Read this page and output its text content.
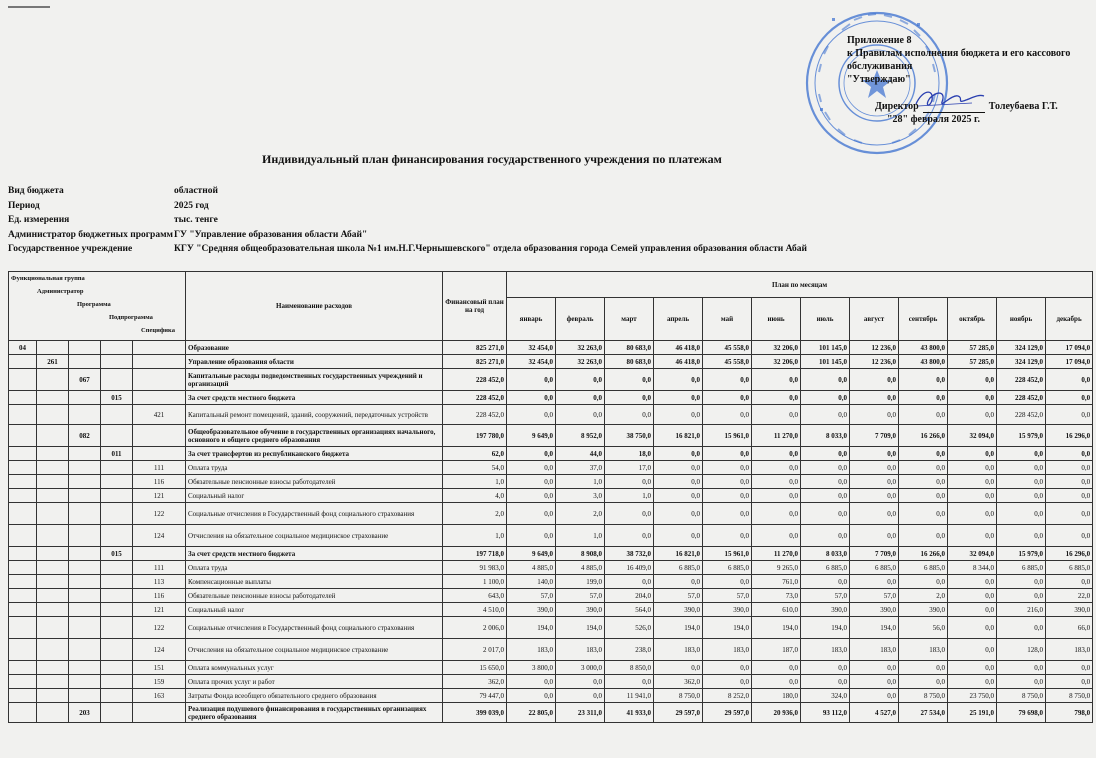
Приложение 8
к Правилам исполнения бюджета и его кассового
обслуживания
"Утверждаю"
Директор	Толеубаева Г.Т.
"28" февраля 2025 г.
Индивидуальный план финансирования государственного учреждения по платежам
Вид бюджета	областной
Период	2025 год
Ед. измерения	тыс. тенге
Администратор бюджетных программ ГУ "Управление образования области Абай"
Государственное учреждение	КГУ "Средняя общеобразовательная школа №1 им.Н.Г.Чернышевского" отдела образования города Семей управления образования области Абай
Функциональная группа
Администратор
Программа
Подпрограмма
Специфика					Наименование расходов	Финансовый план на год	План по месяцам											
							январь	февраль	март	апрель	май	июнь	июль	август	сентябрь	октябрь	ноябрь	декабрь
04					Образование	825 271,0	32 454,0	32 263,0	80 683,0	46 418,0	45 558,0	32 206,0	101 145,0	12 236,0	43 800,0	57 285,0	324 129,0	17 094,0
	261				Управление образования области	825 271,0	32 454,0	32 263,0	80 683,0	46 418,0	45 558,0	32 206,0	101 145,0	12 236,0	43 800,0	57 285,0	324 129,0	17 094,0
		067			Капитальные расходы подведомственных государственных учреждений и организаций	228 452,0	0,0	0,0	0,0	0,0	0,0	0,0	0,0	0,0	0,0	0,0	228 452,0	0,0
			015		За счет средств местного бюджета	228 452,0	0,0	0,0	0,0	0,0	0,0	0,0	0,0	0,0	0,0	0,0	228 452,0	0,0
				421	Капитальный ремонт помещений, зданий, сооружений, передаточных устройств	228 452,0	0,0	0,0	0,0	0,0	0,0	0,0	0,0	0,0	0,0	0,0	228 452,0	0,0
		082			Общеобразовательное обучение в государственных организациях начального, основного и общего среднего образования	197 780,0	9 649,0	8 952,0	38 750,0	16 821,0	15 961,0	11 270,0	8 033,0	7 709,0	16 266,0	32 094,0	15 979,0	16 296,0
			011		За счет трансфертов из республиканского бюджета	62,0	0,0	44,0	18,0	0,0	0,0	0,0	0,0	0,0	0,0	0,0	0,0	0,0
				111	Оплата труда	54,0	0,0	37,0	17,0	0,0	0,0	0,0	0,0	0,0	0,0	0,0	0,0	0,0
				116	Обязательные пенсионные взносы работодателей	1,0	0,0	1,0	0,0	0,0	0,0	0,0	0,0	0,0	0,0	0,0	0,0	0,0
				121	Социальный налог	4,0	0,0	3,0	1,0	0,0	0,0	0,0	0,0	0,0	0,0	0,0	0,0	0,0
				122	Социальные отчисления в Государственный фонд социального страхования	2,0	0,0	2,0	0,0	0,0	0,0	0,0	0,0	0,0	0,0	0,0	0,0	0,0
				124	Отчисления на обязательное социальное медицинское страхование	1,0	0,0	1,0	0,0	0,0	0,0	0,0	0,0	0,0	0,0	0,0	0,0	0,0
			015		За счет средств местного бюджета	197 718,0	9 649,0	8 908,0	38 732,0	16 821,0	15 961,0	11 270,0	8 033,0	7 709,0	16 266,0	32 094,0	15 979,0	16 296,0
				111	Оплата труда	91 983,0	4 885,0	4 885,0	16 409,0	6 885,0	6 885,0	9 265,0	6 885,0	6 885,0	6 885,0	8 344,0	6 885,0	6 885,0
				113	Компенсационные выплаты	1 100,0	140,0	199,0	0,0	0,0	0,0	761,0	0,0	0,0	0,0	0,0	0,0	0,0
				116	Обязательные пенсионные взносы работодателей	643,0	57,0	57,0	204,0	57,0	57,0	73,0	57,0	57,0	2,0	0,0	0,0	22,0
				121	Социальный налог	4 510,0	390,0	390,0	564,0	390,0	390,0	610,0	390,0	390,0	390,0	0,0	216,0	390,0
				122	Социальные отчисления в Государственный фонд социального страхования	2 006,0	194,0	194,0	526,0	194,0	194,0	194,0	194,0	194,0	56,0	0,0	0,0	66,0
				124	Отчисления на обязательное социальное медицинское страхование	2 017,0	183,0	183,0	238,0	183,0	183,0	187,0	183,0	183,0	183,0	0,0	128,0	183,0
				151	Оплата коммунальных услуг	15 650,0	3 800,0	3 000,0	8 850,0	0,0	0,0	0,0	0,0	0,0	0,0	0,0	0,0	0,0
				159	Оплата прочих услуг и работ	362,0	0,0	0,0	0,0	362,0	0,0	0,0	0,0	0,0	0,0	0,0	0,0	0,0
				163	Затраты Фонда всеобщего обязательного среднего образования	79 447,0	0,0	0,0	11 941,0	8 750,0	8 252,0	180,0	324,0	0,0	8 750,0	23 750,0	8 750,0	8 750,0
		203			Реализация подушевого финансирования в государственных организациях среднего образования	399 039,0	22 805,0	23 311,0	41 933,0	29 597,0	29 597,0	20 936,0	93 112,0	4 527,0	27 534,0	25 191,0	79 698,0	798,0
